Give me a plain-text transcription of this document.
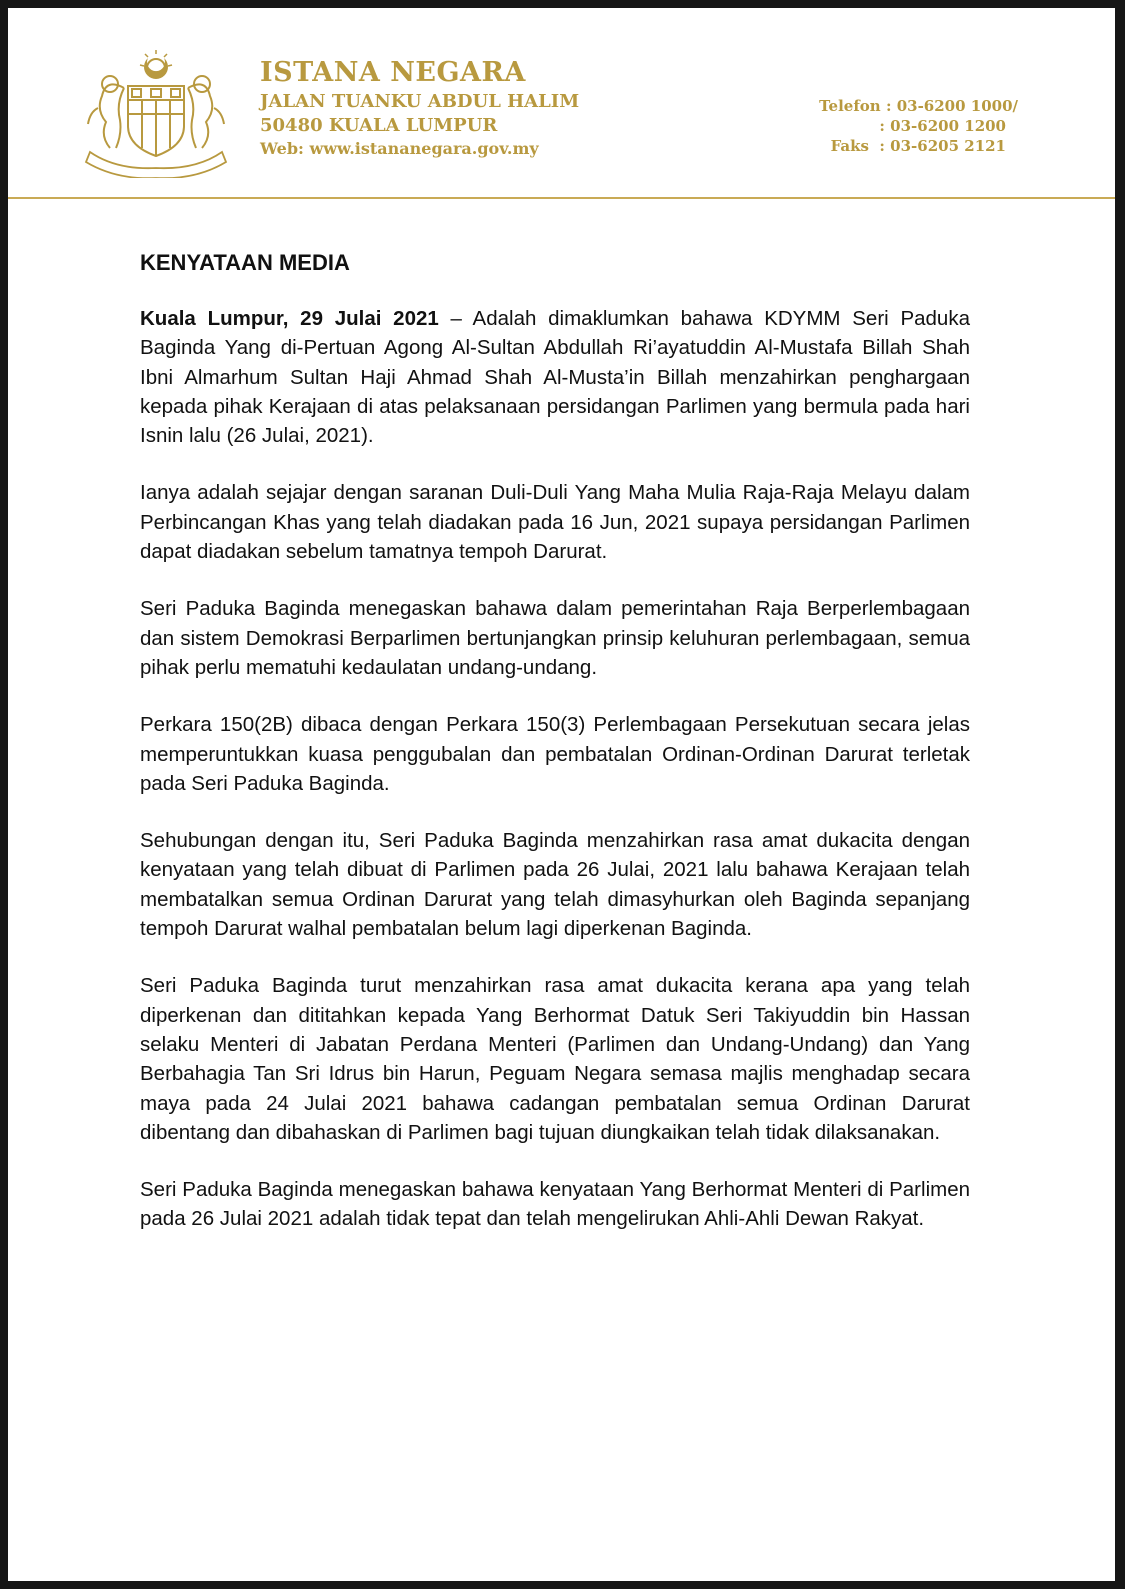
ISTANA NEGARA

JALAN TUANKU ABDUL HALIM

50480 KUALA LUMPUR

Web: www.istananegara.gov.my

Telefon : 03-6200 1000/
: 03-6200 1200
Faks : 03-6205 2121

KENYATAAN MEDIA

Kuala Lumpur, 29 Julai 2021 – Adalah dimaklumkan bahawa KDYMM Seri Paduka Baginda Yang di-Pertuan Agong Al-Sultan Abdullah Ri’ayatuddin Al-Mustafa Billah Shah Ibni Almarhum Sultan Haji Ahmad Shah Al-Musta’in Billah menzahirkan penghargaan kepada pihak Kerajaan di atas pelaksanaan persidangan Parlimen yang bermula pada hari Isnin lalu (26 Julai, 2021).

Ianya adalah sejajar dengan saranan Duli-Duli Yang Maha Mulia Raja-Raja Melayu dalam Perbincangan Khas yang telah diadakan pada 16 Jun, 2021 supaya persidangan Parlimen dapat diadakan sebelum tamatnya tempoh Darurat.

Seri Paduka Baginda menegaskan bahawa dalam pemerintahan Raja Berperlembagaan dan sistem Demokrasi Berparlimen bertunjangkan prinsip keluhuran perlembagaan, semua pihak perlu mematuhi kedaulatan undang-undang.

Perkara 150(2B) dibaca dengan Perkara 150(3) Perlembagaan Persekutuan secara jelas memperuntukkan kuasa penggubalan dan pembatalan Ordinan-Ordinan Darurat terletak pada Seri Paduka Baginda.

Sehubungan dengan itu, Seri Paduka Baginda menzahirkan rasa amat dukacita dengan kenyataan yang telah dibuat di Parlimen pada 26 Julai, 2021 lalu bahawa Kerajaan telah membatalkan semua Ordinan Darurat yang telah dimasyhurkan oleh Baginda sepanjang tempoh Darurat walhal pembatalan belum lagi diperkenan Baginda.

Seri Paduka Baginda turut menzahirkan rasa amat dukacita kerana apa yang telah diperkenan dan dititahkan kepada Yang Berhormat Datuk Seri Takiyuddin bin Hassan selaku Menteri di Jabatan Perdana Menteri (Parlimen dan Undang-Undang) dan Yang Berbahagia Tan Sri Idrus bin Harun, Peguam Negara semasa majlis menghadap secara maya pada 24 Julai 2021 bahawa cadangan pembatalan semua Ordinan Darurat dibentang dan dibahaskan di Parlimen bagi tujuan diungkaikan telah tidak dilaksanakan.

Seri Paduka Baginda menegaskan bahawa kenyataan Yang Berhormat Menteri di Parlimen pada 26 Julai 2021 adalah tidak tepat dan telah mengelirukan Ahli-Ahli Dewan Rakyat.
